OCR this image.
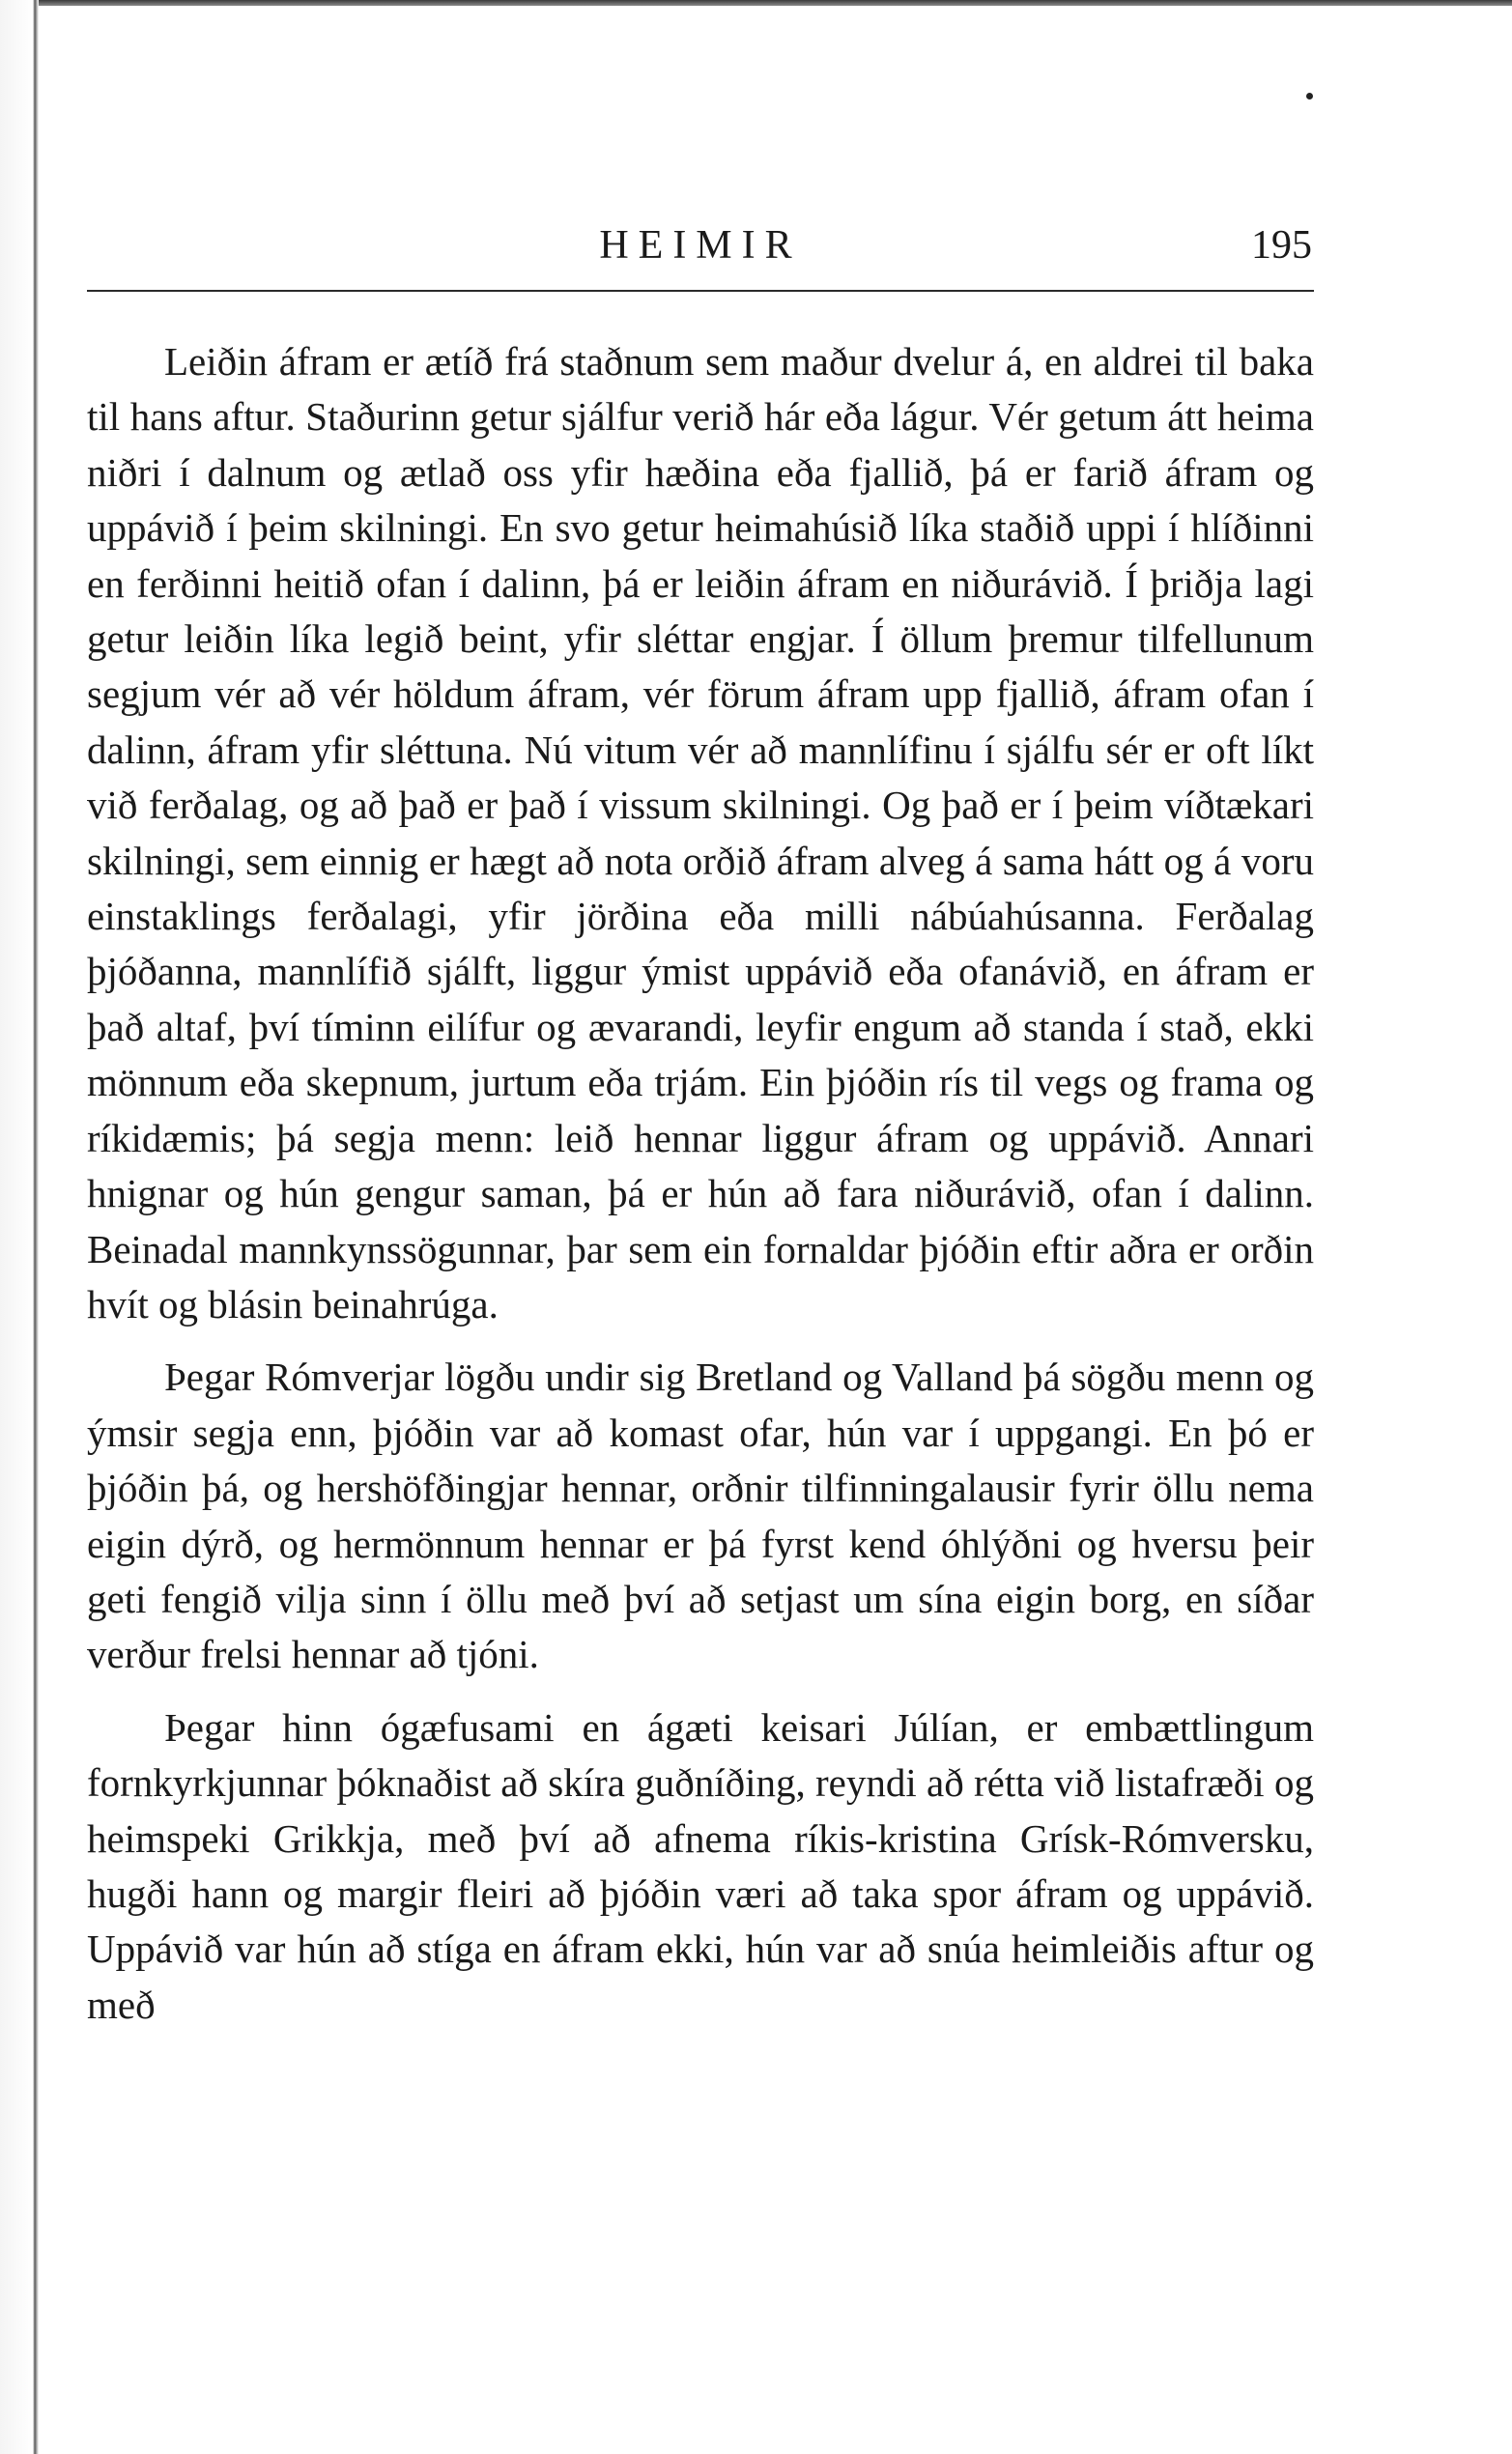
HEIMIR	195

Leiðin áfram er ætíð frá staðnum sem maður dvelur á, en aldrei til baka til hans aftur. Staðurinn getur sjálfur verið hár eða lágur. Vér getum átt heima niðri í dalnum og ætlað oss yfir hæðina eða fjallið, þá er farið áfram og uppávið í þeim skilningi. En svo getur heimahúsið líka staðið uppi í hlíðinni en ferðinni heitið ofan í dalinn, þá er leiðin áfram en niðurávið. Í þriðja lagi getur leiðin líka legið beint, yfir sléttar engjar. Í öllum þremur tilfellunum segjum vér að vér höldum áfram, vér förum áfram upp fjallið, áfram ofan í dalinn, áfram yfir sléttuna. Nú vitum vér að mannlífinu í sjálfu sér er oft líkt við ferðalag, og að það er það í vissum skilningi. Og það er í þeim víðtækari skilningi, sem einnig er hægt að nota orðið áfram alveg á sama hátt og á voru einstaklings ferðalagi, yfir jörðina eða milli nábúahúsanna. Ferðalag þjóðanna, mannlífið sjálft, liggur ýmist uppávið eða ofanávið, en áfram er það altaf, því tíminn eilífur og ævarandi, leyfir engum að standa í stað, ekki mönnum eða skepnum, jurtum eða trjám. Ein þjóðin rís til vegs og frama og ríkidæmis; þá segja menn: leið hennar liggur áfram og uppávið. Annari hnignar og hún gengur saman, þá er hún að fara niðurávið, ofan í dalinn. Beinadal mannkynssögunnar, þar sem ein fornaldar þjóðin eftir aðra er orðin hvít og blásin beinahrúga.

Þegar Rómverjar lögðu undir sig Bretland og Valland þá sögðu menn og ýmsir segja enn, þjóðin var að komast ofar, hún var í uppgangi. En þó er þjóðin þá, og hershöfðingjar hennar, orðnir tilfinningalausir fyrir öllu nema eigin dýrð, og hermönnum hennar er þá fyrst kend óhlýðni og hversu þeir geti fengið vilja sinn í öllu með því að setjast um sína eigin borg, en síðar verður frelsi hennar að tjóni.

Þegar hinn ógæfusami en ágæti keisari Júlían, er embættlingum fornkyrkjunnar þóknaðist að skíra guðníðing, reyndi að rétta við listafræði og heimspeki Grikkja, með því að afnema ríkis-kristina Grísk-Rómversku, hugði hann og margir fleiri að þjóðin væri að taka spor áfram og uppávið. Uppávið var hún að stíga en áfram ekki, hún var að snúa heimleiðis aftur og með
